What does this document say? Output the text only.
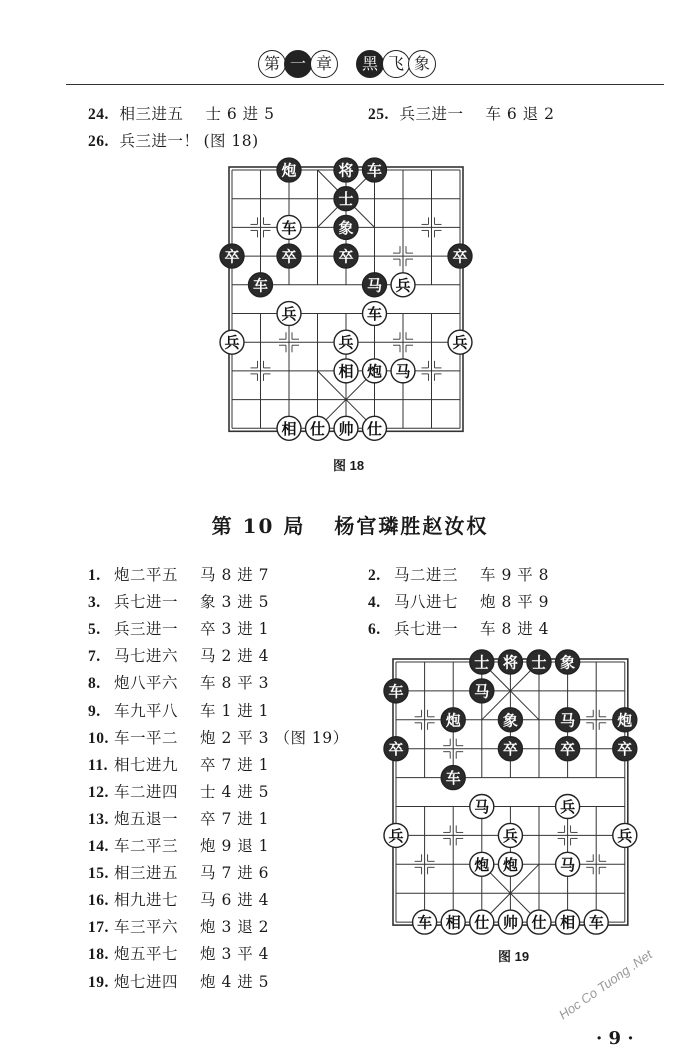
第 一 章	黑 飞 象
24. 相三进五 士 6 进 5	25. 兵三进一 车 6 退 2
26. 兵三进一！ (图 18)
炮	将 车
士
车	象
卒	卒	卒	卒
车	马 兵
兵	车
兵	兵	兵
相 炮 马
相 仕 帅 仕
图 18
第 10 局 杨官璘胜赵汝权
1. 炮二平五 马 8 进 7
3. 兵七进一 象 3 进 5
5. 兵三进一 卒 3 进 1
7. 马七进六 马 2 进 4
8. 炮八平六 车 8 平 3
9. 车九平八 车 1 进 1
10. 车一平二 炮 2 平 3 （图 19）
11. 相七进九 卒 7 进 1
12. 车二进四 士 4 进 5
13. 炮五退一 卒 7 进 1
14. 车二平三 炮 9 退 1
15. 相三进五 马 7 进 6
16. 相九进七 马 6 进 4
17. 车三平六 炮 3 退 2
18. 炮五平七 炮 3 平 4
19. 炮七进四 炮 4 进 5
2. 马二进三 车 9 平 8
4. 马八进七 炮 8 平 9
6. 兵七进一 车 8 进 4
士 将 士 象
车	马
炮	象	马	炮
卒	卒	卒	卒
车
马	兵
兵	兵	兵
炮 炮	马
车 相 仕 帅 仕 相 车
图 19
· 9 ·
Hoc Co Tuong .Net
